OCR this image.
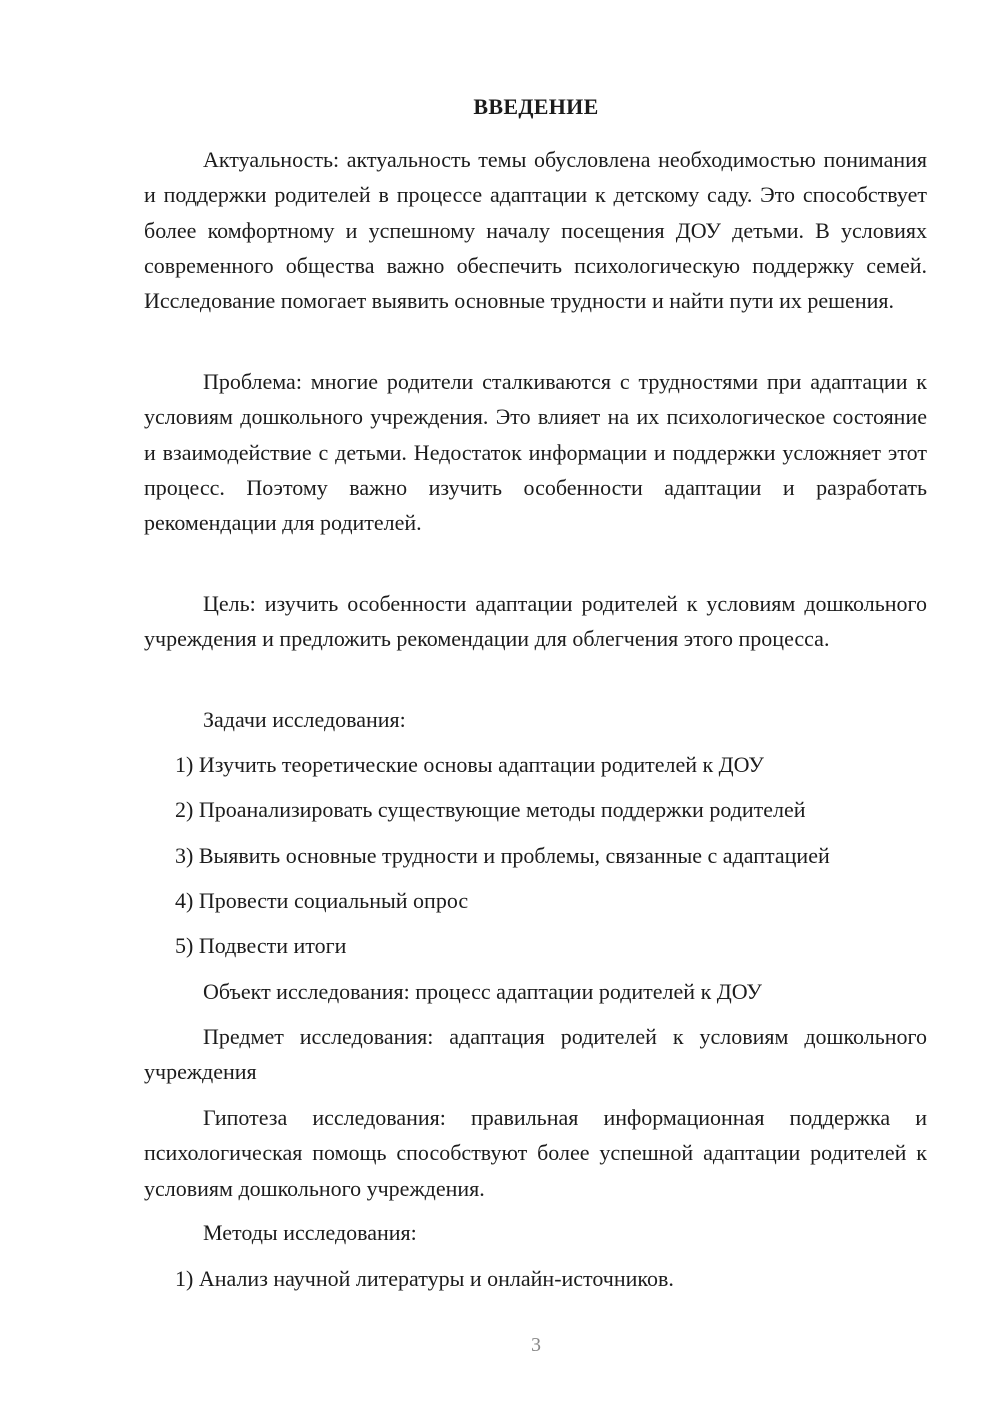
ВВЕДЕНИЕ

Актуальность: актуальность темы обусловлена необходимостью понимания и поддержки родителей в процессе адаптации к детскому саду. Это способствует более комфортному и успешному началу посещения ДОУ детьми. В условиях современного общества важно обеспечить психологическую поддержку семей. Исследование помогает выявить основные трудности и найти пути их решения.

Проблема: многие родители сталкиваются с трудностями при адаптации к условиям дошкольного учреждения. Это влияет на их психологическое состояние и взаимодействие с детьми. Недостаток информации и поддержки усложняет этот процесс. Поэтому важно изучить особенности адаптации и разработать рекомендации для родителей.

Цель: изучить особенности адаптации родителей к условиям дошкольного учреждения и предложить рекомендации для облегчения этого процесса.

Задачи исследования:
1) Изучить теоретические основы адаптации родителей к ДОУ
2) Проанализировать существующие методы поддержки родителей
3) Выявить основные трудности и проблемы, связанные с адаптацией
4) Провести социальный опрос
5) Подвести итоги
Объект исследования: процесс адаптации родителей к ДОУ

Предмет исследования: адаптация родителей к условиям дошкольного учреждения

Гипотеза исследования: правильная информационная поддержка и психологическая помощь способствуют более успешной адаптации родителей к условиям дошкольного учреждения.

Методы исследования:
1) Анализ научной литературы и онлайн-источников.
3
